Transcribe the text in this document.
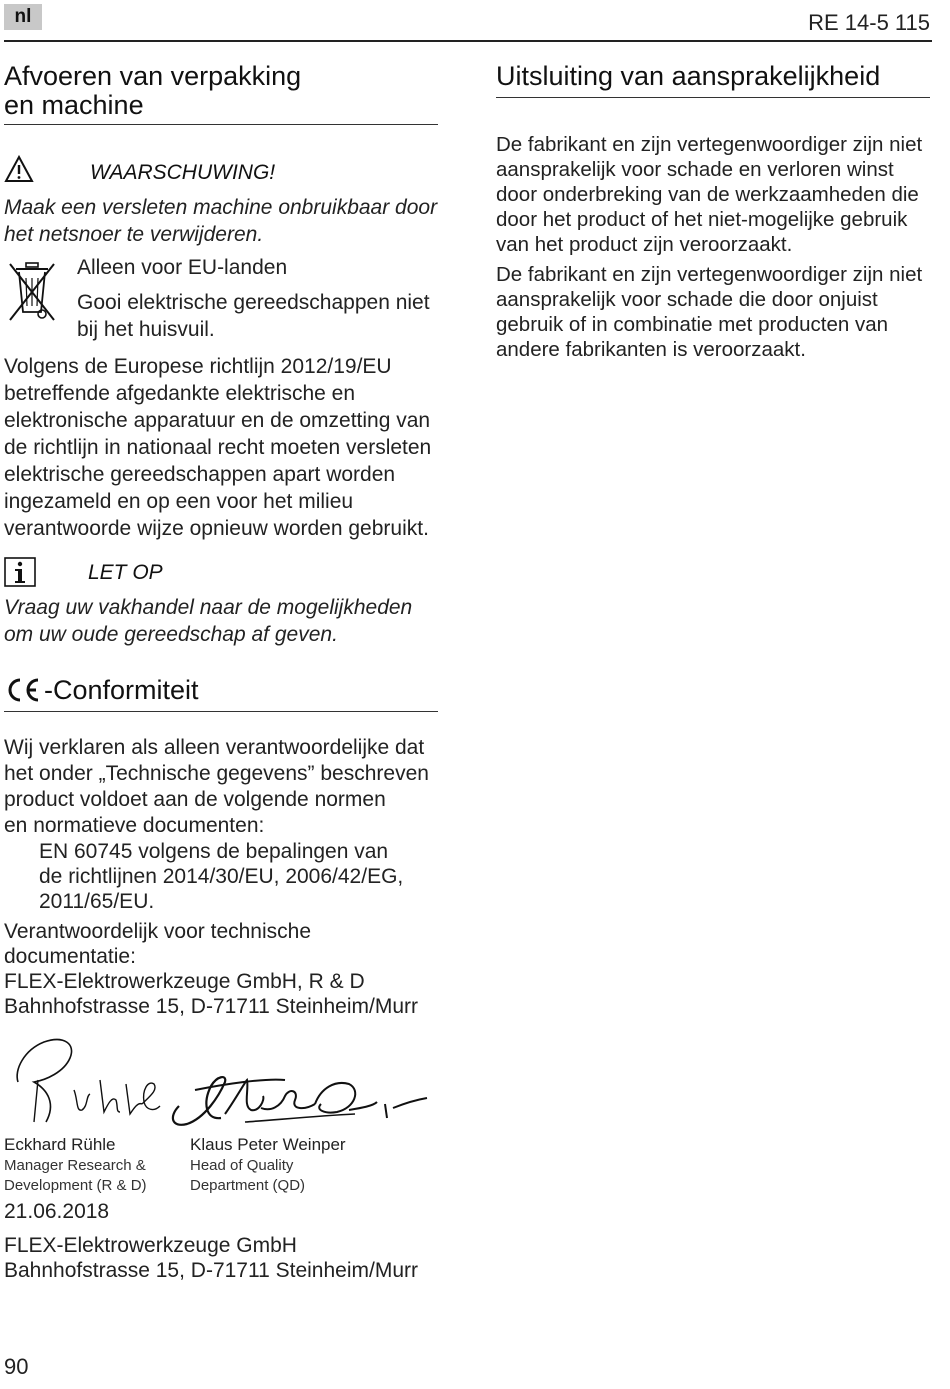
nl	RE 14-5 115
Afvoeren van verpakking
en machine
WAARSCHUWING!
Maak een versleten machine onbruikbaar door
het netsnoer te verwijderen.
Alleen voor EU-landen
Gooi elektrische gereedschappen niet
bij het huisvuil.
Volgens de Europese richtlijn 2012/19/EU
betreffende afgedankte elektrische en
elektronische apparatuur en de omzetting van
de richtlijn in nationaal recht moeten versleten
elektrische gereedschappen apart worden
ingezameld en op een voor het milieu
verantwoorde wijze opnieuw worden gebruikt.
LET OP
Vraag uw vakhandel naar de mogelijkheden
om uw oude gereedschap af geven.
-Conformiteit
Wij verklaren als alleen verantwoordelijke dat
het onder „Technische gegevens” beschreven
product voldoet aan de volgende normen
en normatieve documenten:
EN 60745 volgens de bepalingen van
de richtlijnen 2014/30/EU, 2006/42/EG,
2011/65/EU.
Verantwoordelijk voor technische
documentatie:
FLEX-Elektrowerkzeuge GmbH, R & D
Bahnhofstrasse 15, D-71711 Steinheim/Murr
Eckhard Rühle
Manager Research &
Development (R & D)
Klaus Peter Weinper
Head of Quality
Department (QD)
21.06.2018
FLEX-Elektrowerkzeuge GmbH
Bahnhofstrasse 15, D-71711 Steinheim/Murr
Uitsluiting van aansprakelijkheid
De fabrikant en zijn vertegenwoordiger zijn niet
aansprakelijk voor schade en verloren winst
door onderbreking van de werkzaamheden die
door het product of het niet-mogelijke gebruik
van het product zijn veroorzaakt.
De fabrikant en zijn vertegenwoordiger zijn niet
aansprakelijk voor schade die door onjuist
gebruik of in combinatie met producten van
andere fabrikanten is veroorzaakt.
90
